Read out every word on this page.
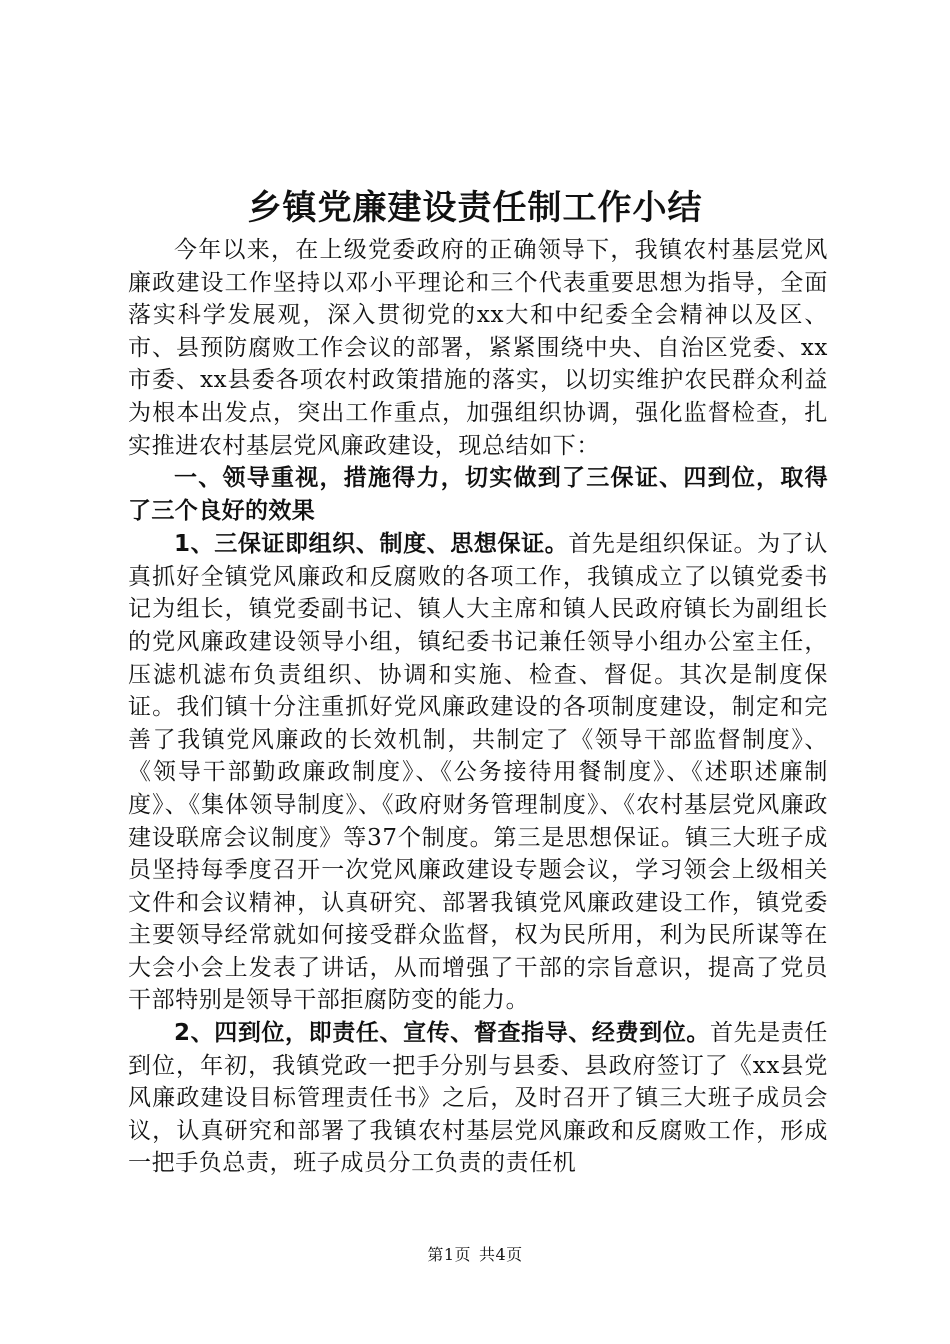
乡镇党廉建设责任制工作小结

今年以来，在上级党委政府的正确领导下，我镇农村基层党风廉政建设工作坚持以邓小平理论和三个代表重要思想为指导，全面落实科学发展观，深入贯彻党的xx大和中纪委全会精神以及区、市、县预防腐败工作会议的部署，紧紧围绕中央、自治区党委、xx市委、xx县委各项农村政策措施的落实，以切实维护农民群众利益为根本出发点，突出工作重点，加强组织协调，强化监督检查，扎实推进农村基层党风廉政建设，现总结如下：

一、领导重视，措施得力，切实做到了三保证、四到位，取得了三个良好的效果

1、三保证即组织、制度、思想保证。首先是组织保证。为了认真抓好全镇党风廉政和反腐败的各项工作，我镇成立了以镇党委书记为组长，镇党委副书记、镇人大主席和镇人民政府镇长为副组长的党风廉政建设领导小组，镇纪委书记兼任领导小组办公室主任，压滤机滤布负责组织、协调和实施、检查、督促。其次是制度保证。我们镇十分注重抓好党风廉政建设的各项制度建设，制定和完善了我镇党风廉政的长效机制，共制定了《领导干部监督制度》、《领导干部勤政廉政制度》、《公务接待用餐制度》、《述职述廉制度》、《集体领导制度》、《政府财务管理制度》、《农村基层党风廉政建设联席会议制度》等37个制度。第三是思想保证。镇三大班子成员坚持每季度召开一次党风廉政建设专题会议，学习领会上级相关文件和会议精神，认真研究、部署我镇党风廉政建设工作，镇党委主要领导经常就如何接受群众监督，权为民所用，利为民所谋等在大会小会上发表了讲话，从而增强了干部的宗旨意识，提高了党员干部特别是领导干部拒腐防变的能力。

2、四到位，即责任、宣传、督查指导、经费到位。首先是责任到位，年初，我镇党政一把手分别与县委、县政府签订了《xx县党风廉政建设目标管理责任书》之后，及时召开了镇三大班子成员会议，认真研究和部署了我镇农村基层党风廉政和反腐败工作，形成一把手负总责，班子成员分工负责的责任机

第1页 共4页
